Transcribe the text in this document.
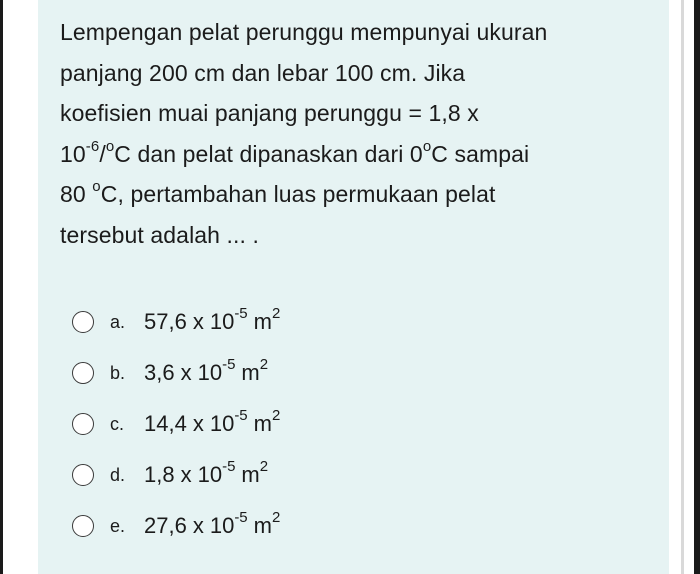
Lempengan pelat perunggu mempunyai ukuran
panjang 200 cm dan lebar 100 cm. Jika
koefisien muai panjang perunggu = 1,8 x
$10^{-6}/^oC$ dan pelat dipanaskan dari 0$^o$C sampai
80 $^o$C, pertambahan luas permukaan pelat
tersebut adalah ... .
a. 57,6 x $10^{-5}$ $m^2$
b. 3,6 x $10^{-5}$ $m^2$
c. 14,4 x $10^{-5}$ $m^2$
d. 1,8 x $10^{-5}$ $m^2$
e. 27,6 x $10^{-5}$ $m^2$
